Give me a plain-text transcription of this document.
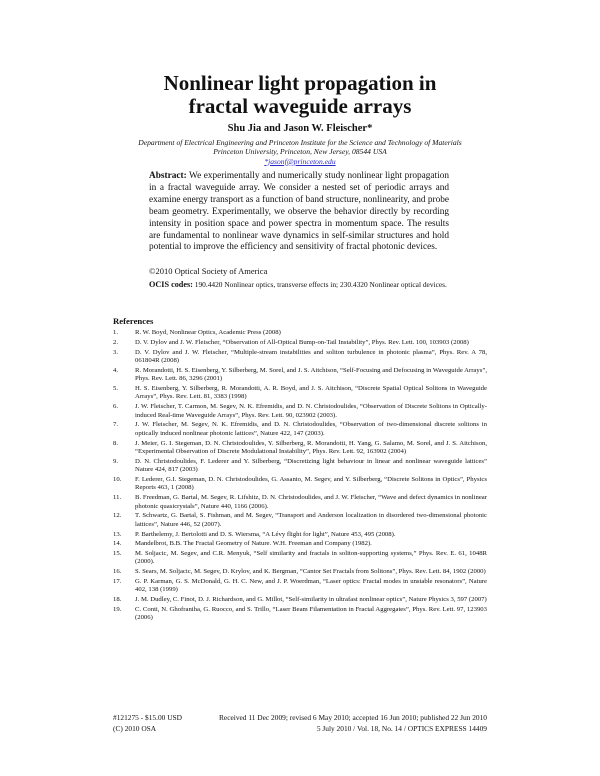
Nonlinear light propagation in
fractal waveguide arrays
Shu Jia and Jason W. Fleischer*
Department of Electrical Engineering and Princeton Institute for the Science and Technology of Materials
Princeton University, Princeton, New Jersey, 08544 USA
*jasonf@princeton.edu
Abstract: We experimentally and numerically study nonlinear light propagation in a fractal waveguide array. We consider a nested set of periodic arrays and examine energy transport as a function of band structure, nonlinearity, and probe beam geometry. Experimentally, we observe the behavior directly by recording intensity in position space and power spectra in momentum space. The results are fundamental to nonlinear wave dynamics in self-similar structures and hold potential to improve the efficiency and sensitivity of fractal photonic devices.
©2010 Optical Society of America
OCIS codes: 190.4420 Nonlinear optics, transverse effects in; 230.4320 Nonlinear optical devices.
References
1.	R. W. Boyd, Nonlinear Optics, Academic Press (2008)
2.	D. V. Dylov and J. W. Fleischer, “Observation of All-Optical Bump-on-Tail Instability”, Phys. Rev. Lett. 100, 103903 (2008)
3.	D. V. Dylov and J. W. Fleischer, “Multiple-stream instabilities and soliton turbulence in photonic plasma”, Phys. Rev. A 78, 061804R (2008)
4.	R. Morandotti, H. S. Eisenberg, Y. Silberberg, M. Sorel, and J. S. Aitchison, “Self-Focusing and Defocusing in Waveguide Arrays”, Phys. Rev. Lett. 86, 3296 (2001)
5.	H. S. Eisenberg, Y. Silberberg, R. Morandotti, A. R. Boyd, and J. S. Aitchison, “Discrete Spatial Optical Solitons in Waveguide Arrays”, Phys. Rev. Lett. 81, 3383 (1998)
6.	J. W. Fleischer, T. Carmon, M. Segev, N. K. Efremidis, and D. N. Christodoulides, “Observation of Discrete Solitons in Optically-induced Real-time Waveguide Arrays”, Phys. Rev. Lett. 90, 023902 (2003).
7.	J. W. Fleischer, M. Segev, N. K. Efremidis, and D. N. Christodoulides, “Observation of two-dimensional discrete solitons in optically induced nonlinear photonic lattices”, Nature 422, 147 (2003).
8.	J. Meier, G. I. Stegeman, D. N. Christodoulides, Y. Silberberg, R. Morandotti, H. Yang, G. Salamo, M. Sorel, and J. S. Aitchison, “Experimental Observation of Discrete Modulational Instability”, Phys. Rev. Lett. 92, 163902 (2004)
9.	D. N. Christodoulides, F. Lederer and Y. Silberberg, “Discretizing light behaviour in linear and nonlinear waveguide lattices” Nature 424, 817 (2003)
10.	F. Lederer, G.I. Stegeman, D. N. Christodoulides, G. Assanto, M. Segev, and Y. Silberberg, “Discrete Solitons in Optics”, Physics Reports 463, 1 (2008)
11.	B. Freedman, G. Bartal, M. Segev, R. Lifshitz, D. N. Christodoulides, and J. W. Fleischer, “Wave and defect dynamics in nonlinear photonic quasicrystals”, Nature 440, 1166 (2006).
12.	T. Schwartz, G. Bartal, S. Fishman, and M. Segev, “Transport and Anderson localization in disordered two-dimensional photonic lattices”, Nature 446, 52 (2007).
13.	P. Barthelemy, J. Bertolotti and D. S. Wiersma, “A Lévy flight for light”, Nature 453, 495 (2008).
14.	Mandelbrot, B.B. The Fractal Geometry of Nature. W.H. Freeman and Company (1982).
15.	M. Soljacic, M. Segev, and C.R. Menyuk, “Self similarity and fractals in soliton-supporting systems,” Phys. Rev. E. 61, 1048R (2000).
16.	S. Sears, M. Soljacic, M. Segev, D. Krylov, and K. Bergman, “Cantor Set Fractals from Solitons”, Phys. Rev. Lett. 84, 1902 (2000)
17.	G. P. Karman, G. S. McDonald, G. H. C. New, and J. P. Woerdman, “Laser optics: Fractal modes in unstable resonators”, Nature 402, 138 (1999)
18.	J. M. Dudley, C. Finot, D. J. Richardson, and G. Millot, “Self-similarity in ultrafast nonlinear optics”, Nature Physics 3, 597 (2007)
19.	C. Conti, N. Ghofraniha, G. Ruocco, and S. Trillo, “Laser Beam Filamentation in Fractal Aggregates”, Phys. Rev. Lett. 97, 123903 (2006)
#121275 - $15.00 USD	Received 11 Dec 2009; revised 6 May 2010; accepted 16 Jun 2010; published 22 Jun 2010
(C) 2010 OSA	5 July 2010 / Vol. 18, No. 14 / OPTICS EXPRESS 14409
